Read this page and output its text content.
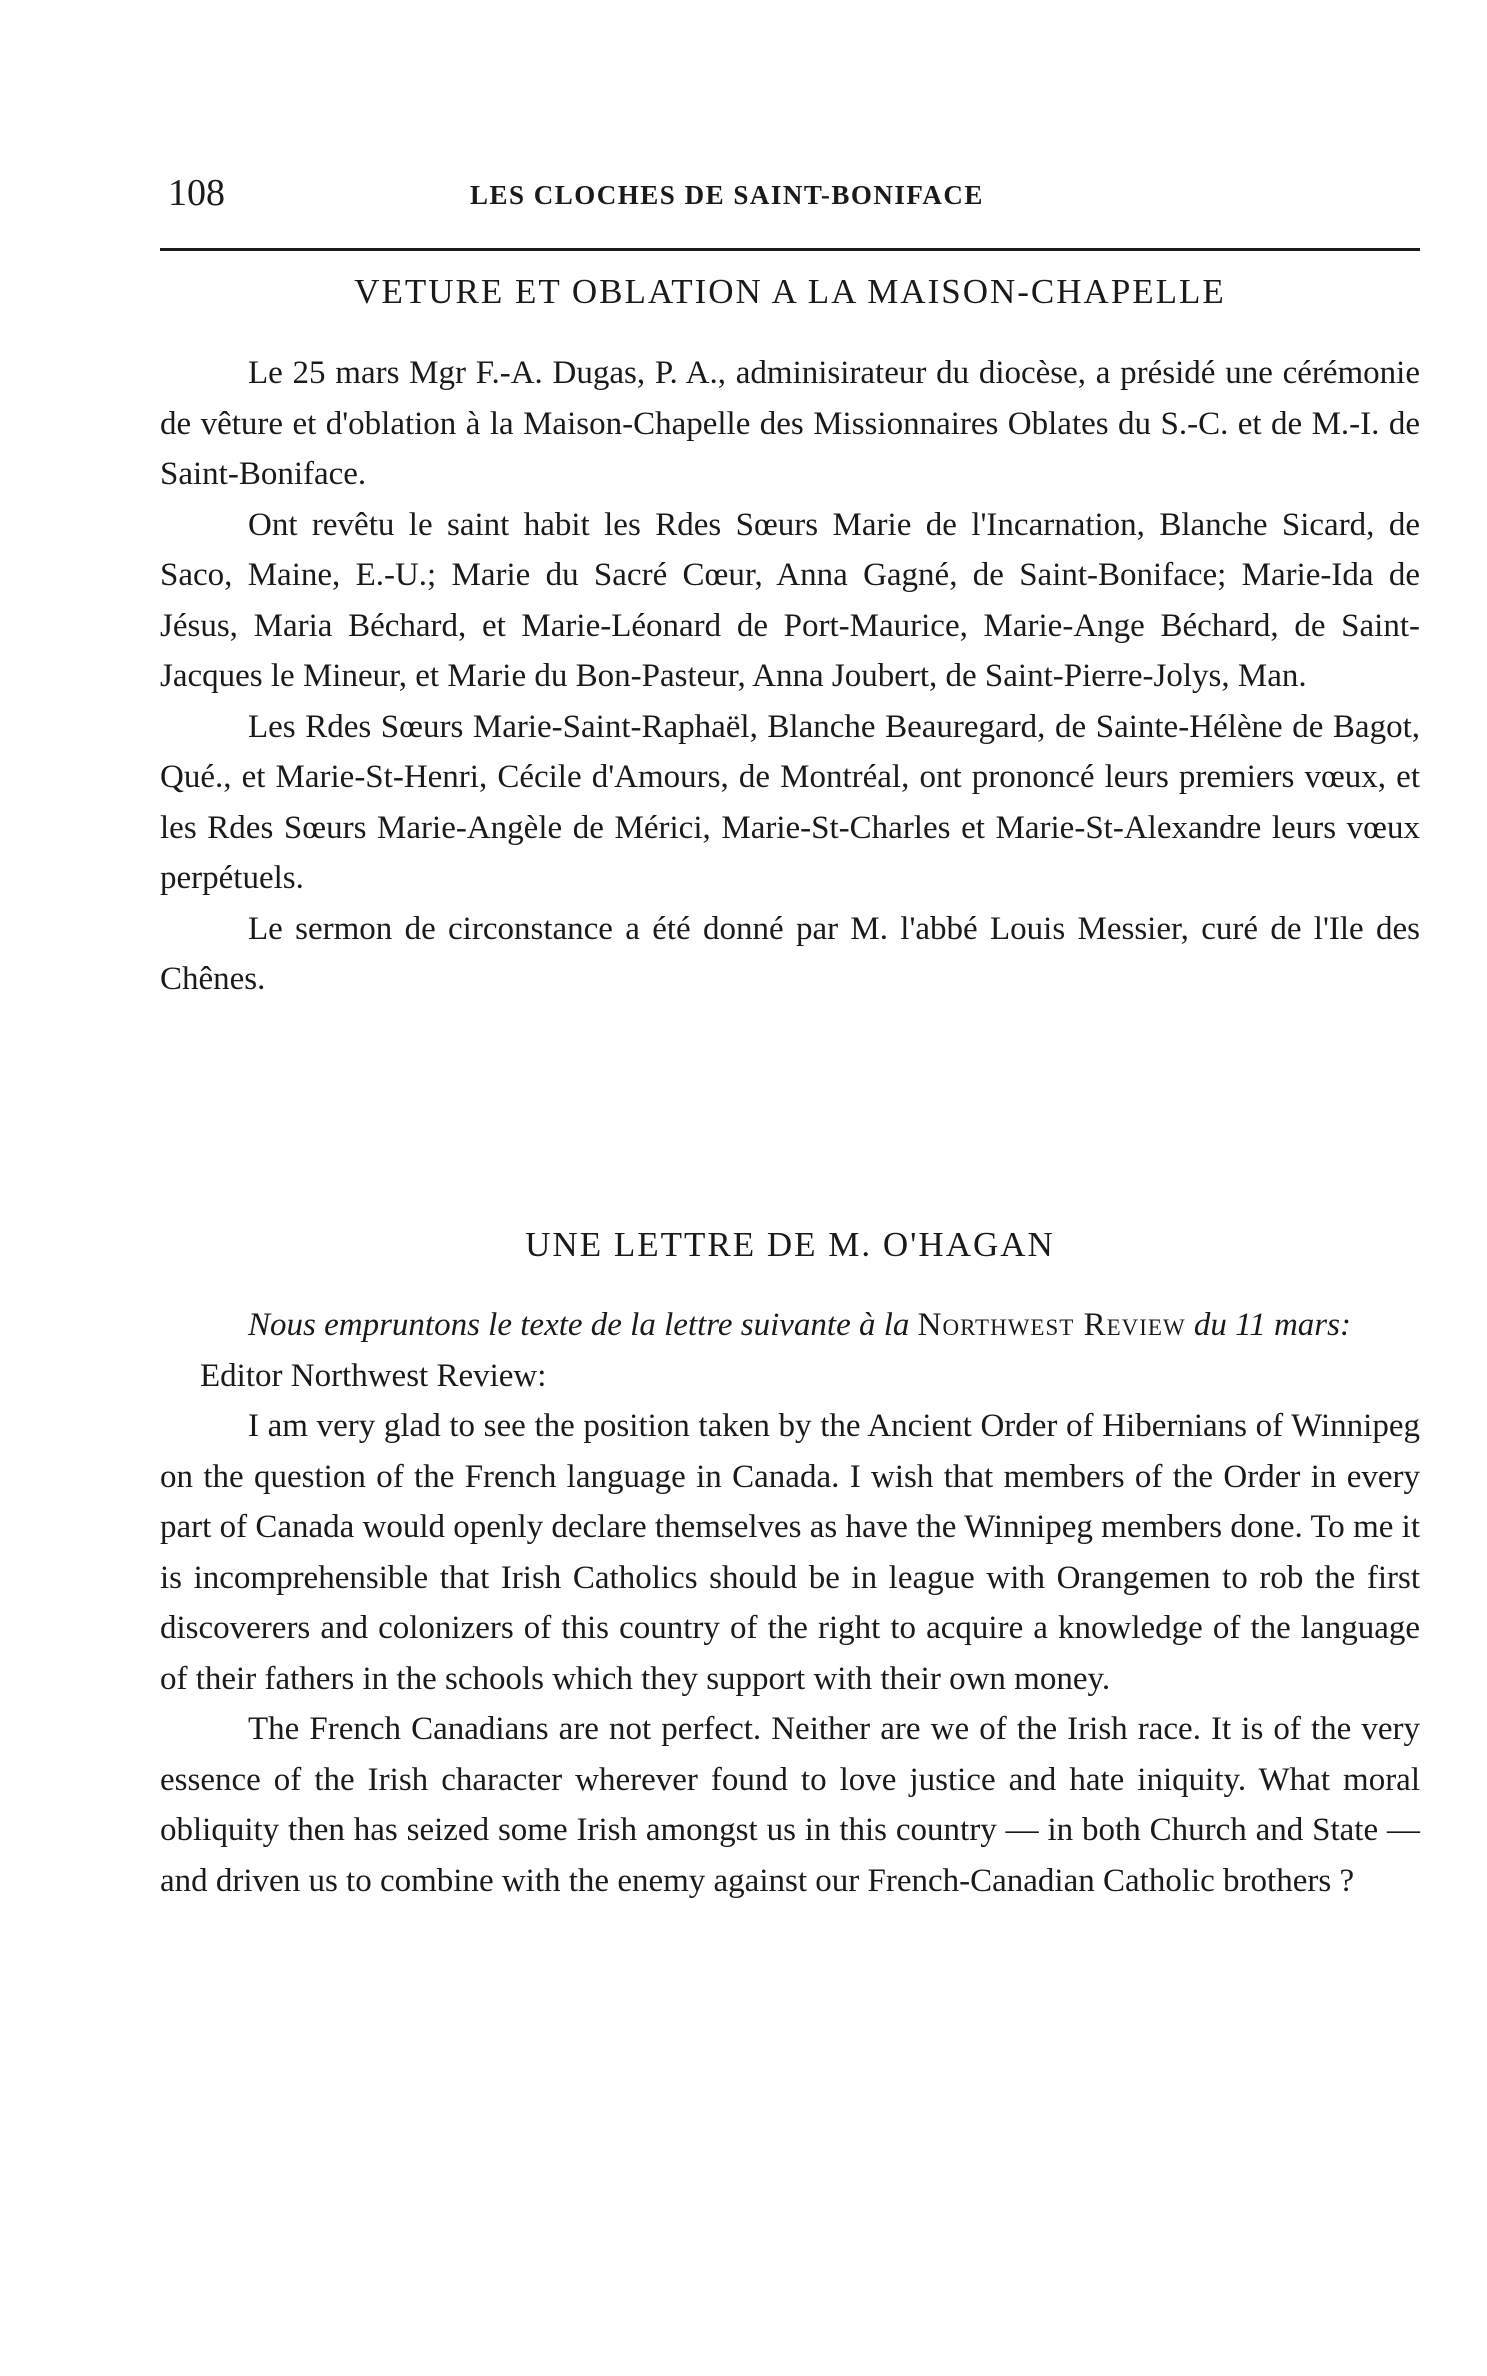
108	LES CLOCHES DE SAINT-BONIFACE
VETURE ET OBLATION A LA MAISON-CHAPELLE

Le 25 mars Mgr F.-A. Dugas, P. A., adminisirateur du diocèse, a présidé une cérémonie de vêture et d'oblation à la Maison-Chapelle des Missionnaires Oblates du S.-C. et de M.-I. de Saint-Boniface.

Ont revêtu le saint habit les Rdes Sœurs Marie de l'Incarnation, Blanche Sicard, de Saco, Maine, E.-U.; Marie du Sacré Cœur, Anna Gagné, de Saint-Boniface; Marie-Ida de Jésus, Maria Béchard, et Marie-Léonard de Port-Maurice, Marie-Ange Béchard, de Saint-Jacques le Mineur, et Marie du Bon-Pasteur, Anna Joubert, de Saint-Pierre-Jolys, Man.

Les Rdes Sœurs Marie-Saint-Raphaël, Blanche Beauregard, de Sainte-Hélène de Bagot, Qué., et Marie-St-Henri, Cécile d'Amours, de Montréal, ont prononcé leurs premiers vœux, et les Rdes Sœurs Marie-Angèle de Mérici, Marie-St-Charles et Marie-St-Alexandre leurs vœux perpétuels.

Le sermon de circonstance a été donné par M. l'abbé Louis Messier, curé de l'Ile des Chênes.

UNE LETTRE DE M. O'HAGAN

Nous empruntons le texte de la lettre suivante à la Northwest Review du 11 mars:

Editor Northwest Review:

I am very glad to see the position taken by the Ancient Order of Hibernians of Winnipeg on the question of the French language in Canada. I wish that members of the Order in every part of Canada would openly declare themselves as have the Winnipeg members done. To me it is incomprehensible that Irish Catholics should be in league with Orangemen to rob the first discoverers and colonizers of this country of the right to acquire a knowledge of the language of their fathers in the schools which they support with their own money.

The French Canadians are not perfect. Neither are we of the Irish race. It is of the very essence of the Irish character wherever found to love justice and hate iniquity. What moral obliquity then has seized some Irish amongst us in this country — in both Church and State — and driven us to combine with the enemy against our French-Canadian Catholic brothers ?
